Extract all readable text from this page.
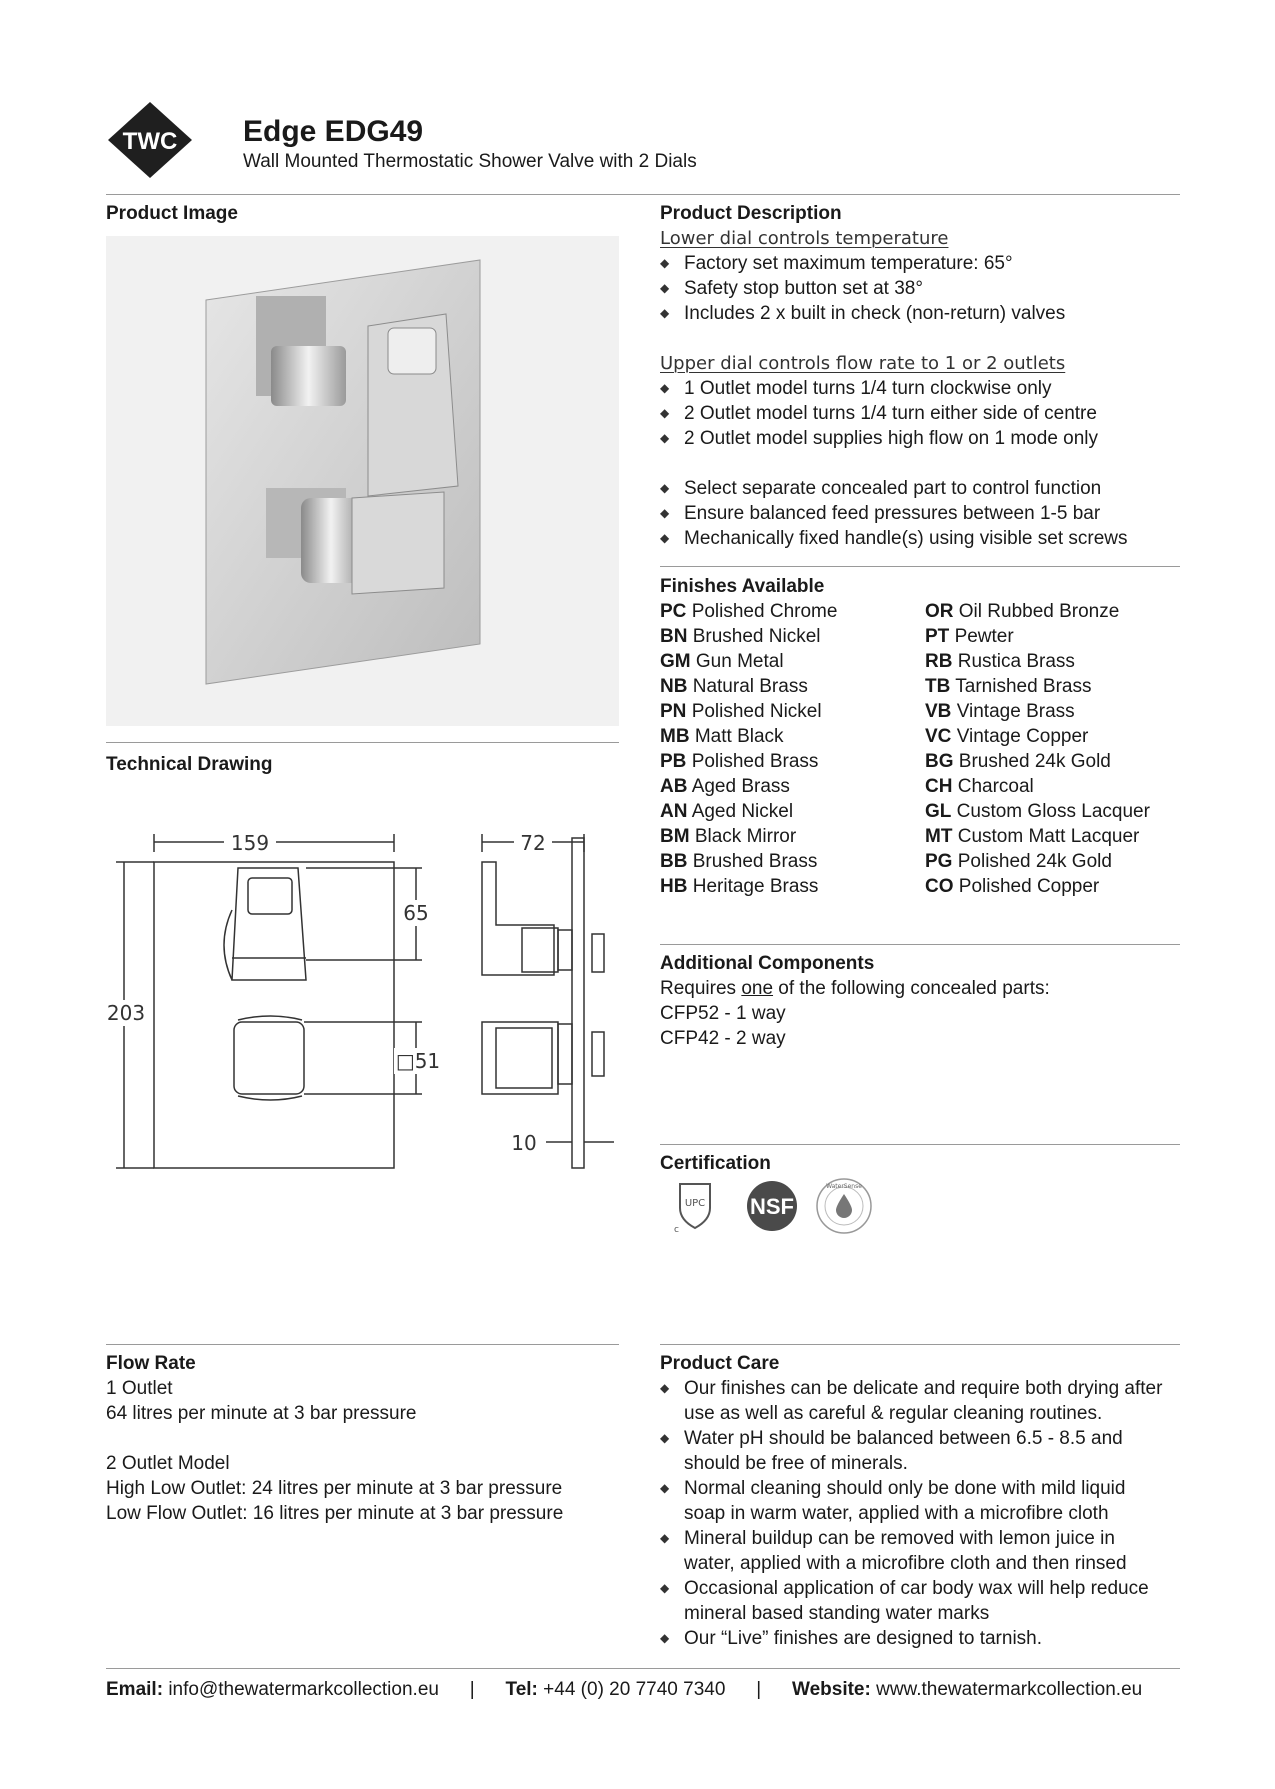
TWC Edge EDG49
Wall Mounted Thermostatic Shower Valve with 2 Dials
Product Image
Technical Drawing
159
203
65
□51
72
10
Product Description
Lower dial controls temperature
◆ Factory set maximum temperature: 65°
◆ Safety stop button set at 38°
◆ Includes 2 x built in check (non-return) valves
Upper dial controls flow rate to 1 or 2 outlets
◆ 1 Outlet model turns 1/4 turn clockwise only
◆ 2 Outlet model turns 1/4 turn either side of centre
◆ 2 Outlet model supplies high flow on 1 mode only
◆ Select separate concealed part to control function
◆ Ensure balanced feed pressures between 1-5 bar
◆ Mechanically fixed handle(s) using visible set screws
Finishes Available
PC Polished Chrome
BN Brushed Nickel
GM Gun Metal
NB Natural Brass
PN Polished Nickel
MB Matt Black
PB Polished Brass
AB Aged Brass
AN Aged Nickel
BM Black Mirror
BB Brushed Brass
HB Heritage Brass
OR Oil Rubbed Bronze
PT Pewter
RB Rustica Brass
TB Tarnished Brass
VB Vintage Brass
VC Vintage Copper
BG Brushed 24k Gold
CH Charcoal
GL Custom Gloss Lacquer
MT Custom Matt Lacquer
PG Polished 24k Gold
CO Polished Copper
Additional Components
Requires one of the following concealed parts:
CFP52 - 1 way
CFP42 - 2 way
Certification
UPC
c
NSF
WaterSense
Flow Rate
1 Outlet
64 litres per minute at 3 bar pressure
2 Outlet Model
High Low Outlet: 24 litres per minute at 3 bar pressure
Low Flow Outlet: 16 litres per minute at 3 bar pressure
Product Care
◆ Our finishes can be delicate and require both drying after use as well as careful & regular cleaning routines.
◆ Water pH should be balanced between 6.5 - 8.5 and should be free of minerals.
◆ Normal cleaning should only be done with mild liquid soap in warm water, applied with a microfibre cloth
◆ Mineral buildup can be removed with lemon juice in water, applied with a microfibre cloth and then rinsed
◆ Occasional application of car body wax will help reduce mineral based standing water marks
◆ Our “Live” finishes are designed to tarnish.
Email: info@thewatermarkcollection.eu | Tel: +44 (0) 20 7740 7340 | Website: www.thewatermarkcollection.eu
